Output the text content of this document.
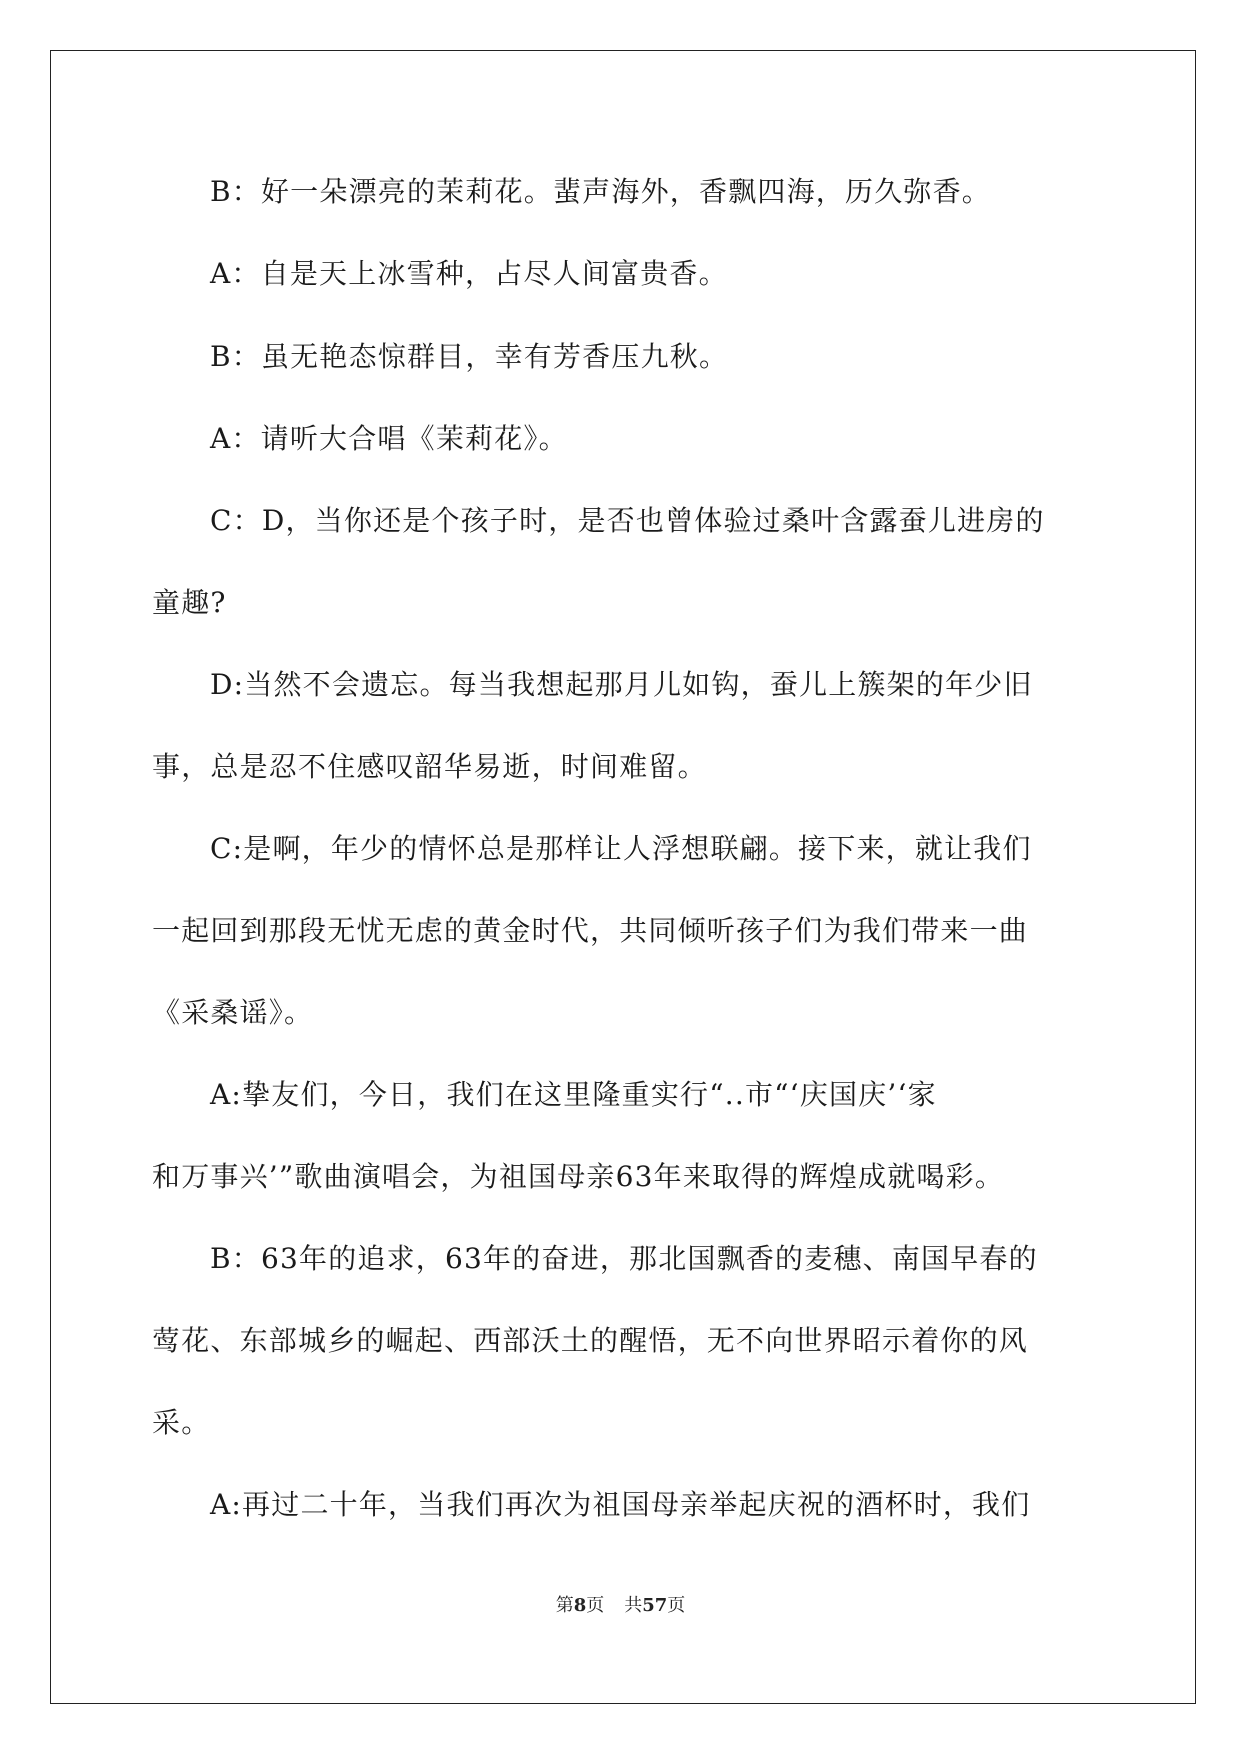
B：好一朵漂亮的茉莉花。蜚声海外，香飘四海，历久弥香。
A：自是天上冰雪种，占尽人间富贵香。
B：虽无艳态惊群目，幸有芳香压九秋。
A：请听大合唱《茉莉花》。
C：D，当你还是个孩子时，是否也曾体验过桑叶含露蚕儿进房的
童趣?
D:当然不会遗忘。每当我想起那月儿如钩，蚕儿上簇架的年少旧
事，总是忍不住感叹韶华易逝，时间难留。
C:是啊，年少的情怀总是那样让人浮想联翩。接下来，就让我们
一起回到那段无忧无虑的黄金时代，共同倾听孩子们为我们带来一曲
《采桑谣》。
A:挚友们，今日，我们在这里隆重实行“..市“‘庆国庆’‘家
和万事兴’”歌曲演唱会，为祖国母亲63年来取得的辉煌成就喝彩。
B：63年的追求，63年的奋进，那北国飘香的麦穗、南国早春的
莺花、东部城乡的崛起、西部沃土的醒悟，无不向世界昭示着你的风
采。
A:再过二十年，当我们再次为祖国母亲举起庆祝的酒杯时，我们
第8页 共57页
